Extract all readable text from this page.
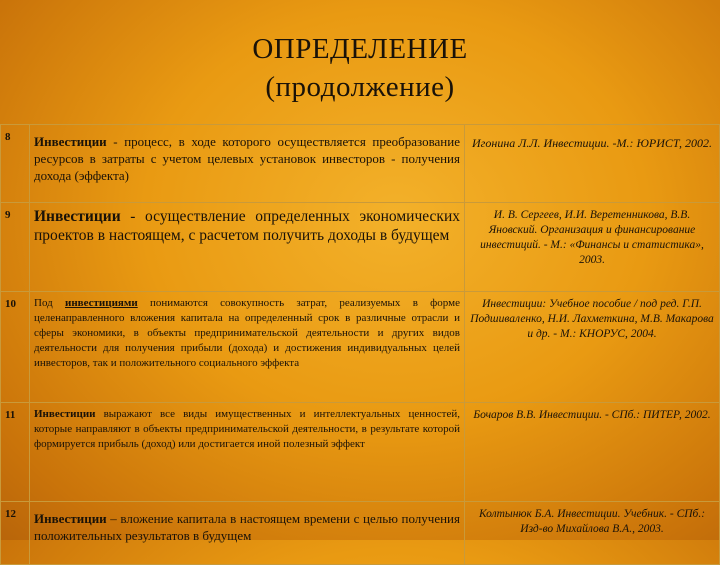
ОПРЕДЕЛЕНИЕ
(продолжение)
8	Инвестиции - процесс, в ходе которого осуществляется преобразование ресурсов в затраты с учетом целевых установок инвесторов - получения дохода (эффекта)	Игонина Л.Л. Инвестиции. -М.: ЮРИСТ, 2002.
9	Инвестиции - осуществление определенных экономических проектов в настоящем, с расчетом получить доходы в будущем	И. В. Сергеев, И.И. Веретенникова, В.В. Яновский. Организация и финансирование инвестиций. - М.: «Финансы и статистика», 2003.
10	Под инвестициями понимаются совокупность затрат, реализуемых в форме целенаправленного вложения капитала на определенный срок в различные отрасли и сферы экономики, в объекты предпринимательской деятельности и других видов деятельности для получения прибыли (дохода) и достижения индивидуальных целей инвесторов, так и положительного социального эффекта	Инвестиции: Учебное пособие / под ред. Г.П. Подшиваленко, Н.И. Лахметкина, М.В. Макарова и др. - М.: КНОРУС, 2004.
11	Инвестиции выражают все виды имущественных и интеллектуальных ценностей, которые направляют в объекты предпринимательской деятельности, в результате которой формируется прибыль (доход) или достигается иной полезный эффект	Бочаров В.В. Инвестиции. - СПб.: ПИТЕР, 2002.
12	Инвестиции – вложение капитала в настоящем времени с целью получения положительных результатов в будущем	Колтынюк Б.А. Инвестиции. Учебник. - СПб.: Изд-во Михайлова В.А., 2003.
